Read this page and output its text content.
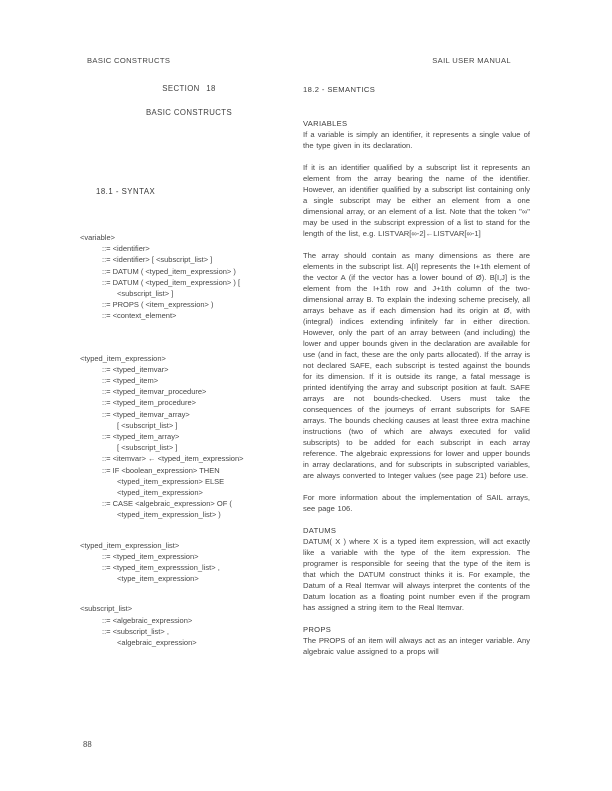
BASIC CONSTRUCTS	SAIL USER MANUAL
SECTION 18
BASIC CONSTRUCTS
18.1 - SYNTAX
<variable>
::= <identifier>
::= <identifier> [ <subscript_list> ]
::= DATUM ( <typed_item_expression> )
::= DATUM ( <typed_item_expression> ) [
<subscript_list> ]
::= PROPS ( <item_expression> )
::= <context_element>
<typed_item_expression>
::= <typed_itemvar>
::= <typed_item>
::= <typed_itemvar_procedure>
::= <typed_item_procedure>
::= <typed_itemvar_array>
[ <subscript_list> ]
::= <typed_item_array>
[ <subscript_list> ]
::= <itemvar> ← <typed_item_expression>
::= IF <boolean_expression> THEN
<typed_item_expression> ELSE
<typed_item_expression>
::= CASE <algebraic_expression> OF (
<typed_item_expression_list> )
<typed_item_expression_list>
::= <typed_item_expression>
::= <typed_item_expresssion_list> ,
<type_item_expression>
<subscript_list>
::= <algebraic_expression>
::= <subscript_list> ,
<algebraic_expression>
18.2 - SEMANTICS
VARIABLES

If a variable is simply an identifier, it represents a single value of the type given in its declaration.

If it is an identifier qualified by a subscript list it represents an element from the array bearing the name of the identifier. However, an identifier qualified by a subscript list containing only a single subscript may be either an element from a one dimensional array, or an element of a list. Note that the token "∞" may be used in the subscript expression of a list to stand for the length of the list, e.g. LISTVAR[∞-2]←LISTVAR[∞-1]

The array should contain as many dimensions as there are elements in the subscript list. A[I] represents the I+1th element of the vector A (if the vector has a lower bound of Ø). B[I,J] is the element from the I+1th row and J+1th column of the two-dimensional array B. To explain the indexing scheme precisely, all arrays behave as if each dimension had its origin at Ø, with (integral) indices extending infinitely far in either direction. However, only the part of an array between (and including) the lower and upper bounds given in the declaration are available for use (and in fact, these are the only parts allocated). If the array is not declared SAFE, each subscript is tested against the bounds for its dimension. If it is outside its range, a fatal message is printed identifying the array and subscript position at fault. SAFE arrays are not bounds-checked. Users must take the consequences of the journeys of errant subscripts for SAFE arrays. The bounds checking causes at least three extra machine instructions (two of which are always executed for valid subscripts) to be added for each subscript in each array reference. The algebraic expressions for lower and upper bounds in array declarations, and for subscripts in subscripted variables, are always converted to Integer values (see page 21) before use.

For more information about the implementation of SAIL arrays, see page 106.

DATUMS

DATUM( X ) where X is a typed item expression, will act exactly like a variable with the type of the item expression. The programer is responsible for seeing that the type of the item is that which the DATUM construct thinks it is. For example, the Datum of a Real Itemvar will always interpret the contents of the Datum location as a floating point number even if the program has assigned a string item to the Real Itemvar.

PROPS

The PROPS of an item will always act as an integer variable. Any algebraic value assigned to a props will

88
